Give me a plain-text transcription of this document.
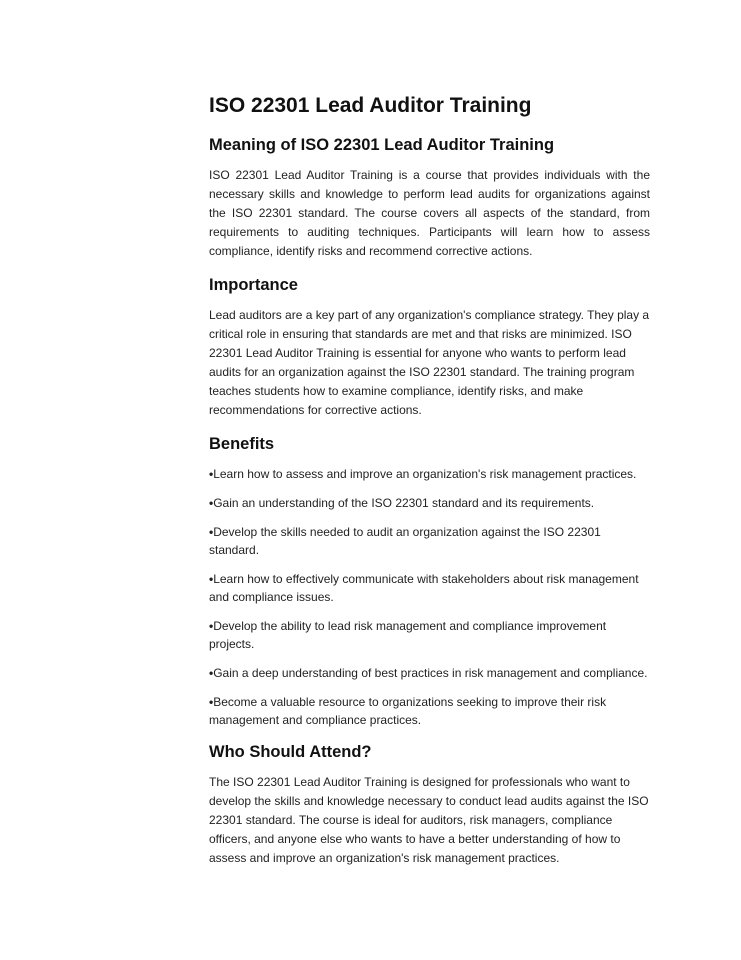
ISO 22301 Lead Auditor Training
Meaning of ISO 22301 Lead Auditor Training

ISO 22301 Lead Auditor Training is a course that provides individuals with the necessary skills and knowledge to perform lead audits for organizations against the ISO 22301 standard. The course covers all aspects of the standard, from requirements to auditing techniques. Participants will learn how to assess compliance, identify risks and recommend corrective actions.

Importance

Lead auditors are a key part of any organization's compliance strategy. They play a critical role in ensuring that standards are met and that risks are minimized. ISO 22301 Lead Auditor Training is essential for anyone who wants to perform lead audits for an organization against the ISO 22301 standard. The training program teaches students how to examine compliance, identify risks, and make recommendations for corrective actions.

Benefits
•Learn how to assess and improve an organization's risk management practices.
•Gain an understanding of the ISO 22301 standard and its requirements.
•Develop the skills needed to audit an organization against the ISO 22301 standard.
•Learn how to effectively communicate with stakeholders about risk management and compliance issues.
•Develop the ability to lead risk management and compliance improvement projects.
•Gain a deep understanding of best practices in risk management and compliance.
•Become a valuable resource to organizations seeking to improve their risk management and compliance practices.
Who Should Attend?

The ISO 22301 Lead Auditor Training is designed for professionals who want to develop the skills and knowledge necessary to conduct lead audits against the ISO 22301 standard. The course is ideal for auditors, risk managers, compliance officers, and anyone else who wants to have a better understanding of how to assess and improve an organization's risk management practices.
